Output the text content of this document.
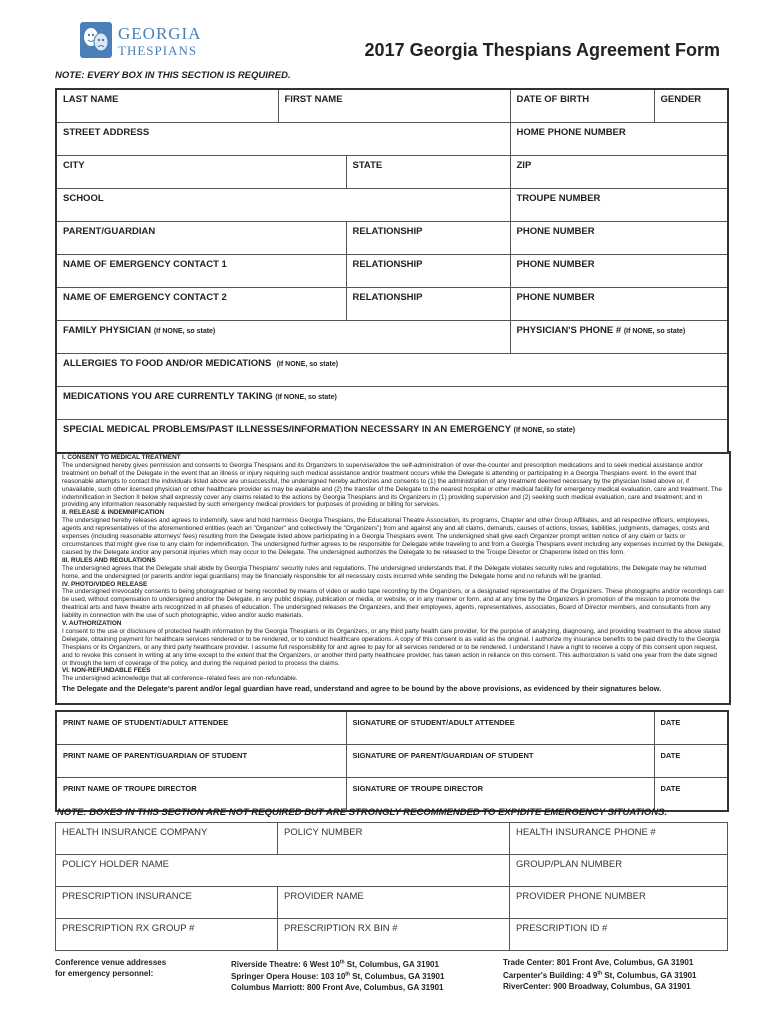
GEORGIA
THESPIANS	2017 Georgia Thespians Agreement Form
NOTE: EVERY BOX IN THIS SECTION IS REQUIRED.
LAST NAME	FIRST NAME		DATE OF BIRTH	GENDER
STREET ADDRESS			HOME PHONE NUMBER	
CITY		STATE	ZIP	
SCHOOL			TROUPE NUMBER	
PARENT/GUARDIAN		RELATIONSHIP	PHONE NUMBER	
NAME OF EMERGENCY CONTACT 1		RELATIONSHIP	PHONE NUMBER	
NAME OF EMERGENCY CONTACT 2		RELATIONSHIP	PHONE NUMBER	
FAMILY PHYSICIAN (If NONE, so state)			PHYSICIAN'S PHONE # (If NONE, so state)	
ALLERGIES TO FOOD AND/OR MEDICATIONS (If NONE, so state)				
MEDICATIONS YOU ARE CURRENTLY TAKING (If NONE, so state)				
SPECIAL MEDICAL PROBLEMS/PAST ILLNESSES/INFORMATION NECESSARY IN AN EMERGENCY (If NONE, so state)				
I. CONSENT TO MEDICAL TREATMENT
The undersigned hereby gives permission and consents to Georgia Thespians and its Organizers to supervise/allow the self-administration of over-the-counter and prescription medications and to seek medical assistance and/or treatment on behalf of the Delegate in the event that an illness or injury requiring such medical assistance and/or treatment occurs while the Delegate is attending or participating in a Georgia Thespians event. In the event that reasonable attempts to contact the individuals listed above are unsuccessful, the undersigned hereby authorizes and consents to (1) the administration of any treatment deemed necessary by the physician listed above or, if unavailable, such other licensed physician or other healthcare provider as may be available and (2) the transfer of the Delegate to the nearest hospital or other medical facility for emergency medical evaluation, care and treatment. The indemnification in Section II below shall expressly cover any claims related to the actions by Georgia Thespians and its Organizers in (1) providing supervision and (2) seeking such medical evaluation, care and treatment; and in providing any information reasonably requested by such emergency medical providers for purposes of providing or billing for services.
II. RELEASE & INDEMNIFICATION
The undersigned hereby releases and agrees to indemnify, save and hold harmless Georgia Thespians, the Educational Theatre Association, its programs, Chapter and other Group Affiliates, and all respective officers, employees, agents and representatives of the aforementioned entities (each an "Organizer" and collectively the "Organizers") from and against any and all claims, demands, causes of actions, losses, liabilities, judgments, damages, costs and expenses (including reasonable attorneys' fees) resulting from the Delegate listed above participating in a Georgia Thespians event. The undersigned shall give each Organizer prompt written notice of any claim or facts or circumstances that might give rise to any claim for indemnification. The undersigned further agrees to be responsible for Delegate while traveling to and from a Georgia Thespians event including any expenses incurred by the Delegate, caused by the Delegate and/or any personal injuries which may occur to the Delegate. The undersigned authorizes the Delegate to be released to the Troupe Director or Chaperone listed on this form.
III. RULES AND REGULATIONS
The undersigned agrees that the Delegate shall abide by Georgia Thespians' security rules and regulations. The undersigned understands that, if the Delegate violates security rules and regulations, the Delegate may be returned home, and the undersigned (or parents and/or legal guardians) may be financially responsible for all necessary costs incurred while sending the Delegate home and no refunds will be granted.
IV. PHOTO/VIDEO RELEASE
The undersigned irrevocably consents to being photographed or being recorded by means of video or audio tape recording by the Organizers, or a designated representative of the Organizers. These photographs and/or recordings can be used, without compensation to undersigned and/or the Delegate, in any public display, publication or media, or website, or in any manner or form, and at any time by the Organizers in promotion of the mission to promote the theatrical arts and have theatre arts recognized in all phases of education. The undersigned releases the Organizers, and their employees, agents, representatives, associates, Board of Director members, and consultants from any liability in connection with the use of such photographic, video and/or audio materials.
V. AUTHORIZATION
I consent to the use or disclosure of protected health information by the Georgia Thespians or its Organizers, or any third party health care provider, for the purpose of analyzing, diagnosing, and providing treatment to the above stated Delegate, obtaining payment for healthcare services rendered or to be rendered, or to conduct healthcare operations. A copy of this consent is as valid as the original. I authorize my insurance benefits to be paid directly to the Georgia Thespians or its Organizers, or any third party healthcare provider. I assume full responsibility for and agree to pay for all services rendered or to be rendered. I understand I have a right to receive a copy of this consent upon request, and to revoke this consent in writing at any time except to the extent that the Organizers, or another third party healthcare provider, has taken action in reliance on this consent. This authorization is valid one year from the date signed or through the term of coverage of the policy, and during the required period to process the claims.
VI. NON-REFUNDABLE FEES
The undersigned acknowledge that all conference–related fees are non-refundable.
The Delegate and the Delegate's parent and/or legal guardian have read, understand and agree to be bound by the above provisions, as evidenced by their signatures below.
PRINT NAME OF STUDENT/ADULT ATTENDEE	SIGNATURE OF STUDENT/ADULT ATTENDEE	DATE
PRINT NAME OF PARENT/GUARDIAN OF STUDENT	SIGNATURE OF PARENT/GUARDIAN OF STUDENT	DATE
PRINT NAME OF TROUPE DIRECTOR	SIGNATURE OF TROUPE DIRECTOR	DATE
NOTE: BOXES IN THIS SECTION ARE NOT REQUIRED BUT ARE STRONGLY RECOMMENDED TO EXPIDITE EMERGENCY SITUATIONS.
HEALTH INSURANCE COMPANY	POLICY NUMBER	HEALTH INSURANCE PHONE #
POLICY HOLDER NAME		GROUP/PLAN NUMBER
PRESCRIPTION INSURANCE	PROVIDER NAME	PROVIDER PHONE NUMBER
PRESCRIPTION RX GROUP #	PRESCRIPTION RX BIN #	PRESCRIPTION ID #
Conference venue addresses
for emergency personnel:
Riverside Theatre: 6 West 10th St, Columbus, GA 31901
Springer Opera House: 103 10th St, Columbus, GA 31901
Columbus Marriott: 800 Front Ave, Columbus, GA 31901
Trade Center: 801 Front Ave, Columbus, GA 31901
Carpenter's Building: 4 9th St, Columbus, GA 31901
RiverCenter: 900 Broadway, Columbus, GA 31901
